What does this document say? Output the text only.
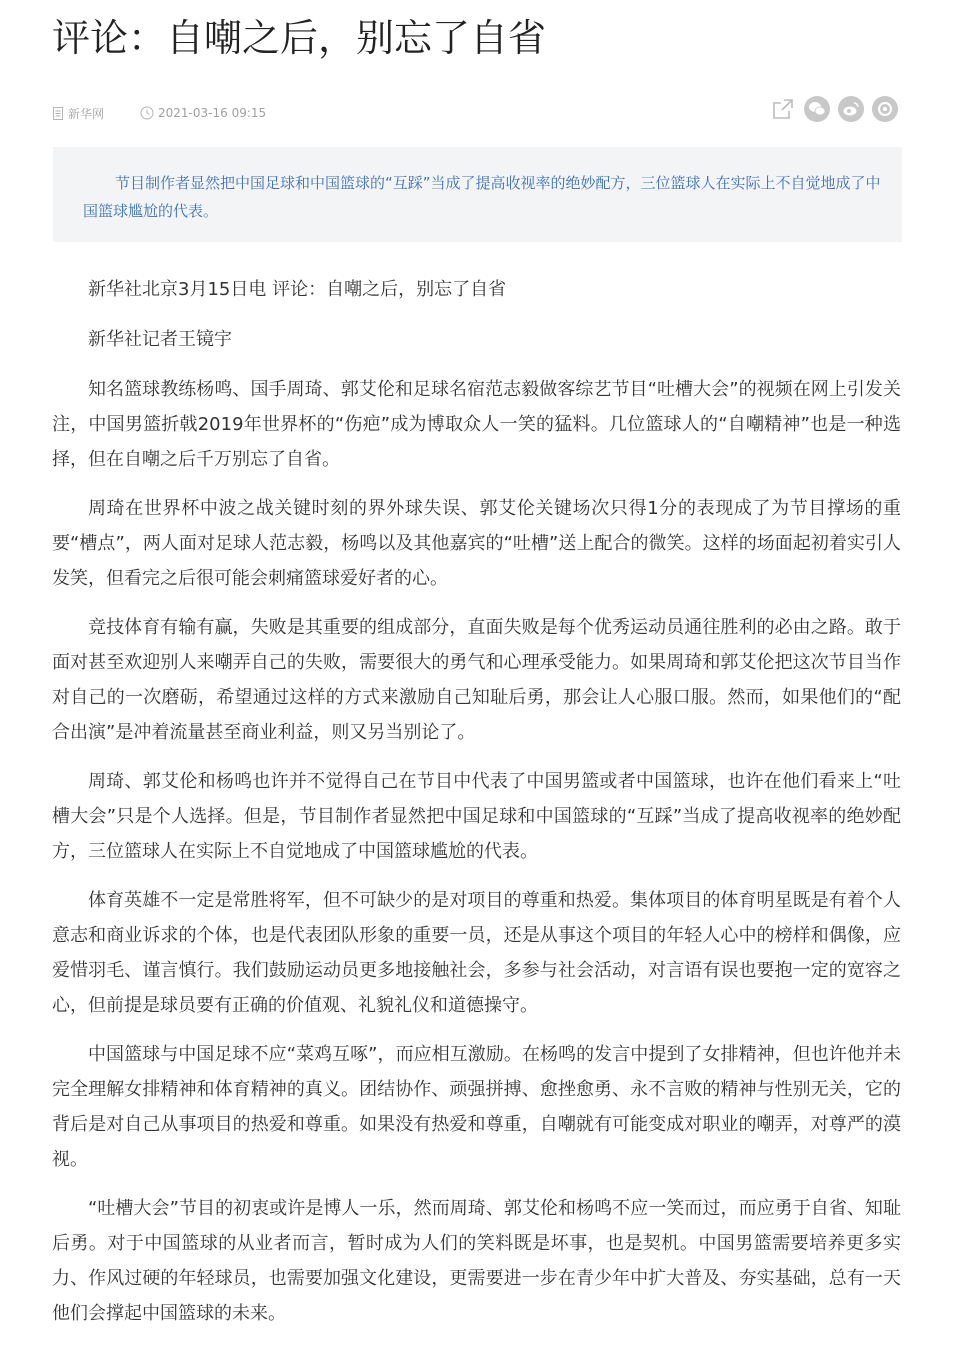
评论：自嘲之后，别忘了自省
新华网	2021-03-16 09:15
节目制作者显然把中国足球和中国篮球的“互踩”当成了提高收视率的绝妙配方，三位篮球人在实际上不自觉地成了中国篮球尴尬的代表。

新华社北京3月15日电 评论：自嘲之后，别忘了自省

新华社记者王镜宇

知名篮球教练杨鸣、国手周琦、郭艾伦和足球名宿范志毅做客综艺节目“吐槽大会”的视频在网上引发关注，中国男篮折戟2019年世界杯的“伤疤”成为博取众人一笑的猛料。几位篮球人的“自嘲精神”也是一种选择，但在自嘲之后千万别忘了自省。

周琦在世界杯中波之战关键时刻的界外球失误、郭艾伦关键场次只得1分的表现成了为节目撑场的重要“槽点”，两人面对足球人范志毅，杨鸣以及其他嘉宾的“吐槽”送上配合的微笑。这样的场面起初着实引人发笑，但看完之后很可能会刺痛篮球爱好者的心。

竞技体育有输有赢，失败是其重要的组成部分，直面失败是每个优秀运动员通往胜利的必由之路。敢于面对甚至欢迎别人来嘲弄自己的失败，需要很大的勇气和心理承受能力。如果周琦和郭艾伦把这次节目当作对自己的一次磨砺，希望通过这样的方式来激励自己知耻后勇，那会让人心服口服。然而，如果他们的“配合出演”是冲着流量甚至商业利益，则又另当别论了。

周琦、郭艾伦和杨鸣也许并不觉得自己在节目中代表了中国男篮或者中国篮球，也许在他们看来上“吐槽大会”只是个人选择。但是，节目制作者显然把中国足球和中国篮球的“互踩”当成了提高收视率的绝妙配方，三位篮球人在实际上不自觉地成了中国篮球尴尬的代表。

体育英雄不一定是常胜将军，但不可缺少的是对项目的尊重和热爱。集体项目的体育明星既是有着个人意志和商业诉求的个体，也是代表团队形象的重要一员，还是从事这个项目的年轻人心中的榜样和偶像，应爱惜羽毛、谨言慎行。我们鼓励运动员更多地接触社会，多参与社会活动，对言语有误也要抱一定的宽容之心，但前提是球员要有正确的价值观、礼貌礼仪和道德操守。

中国篮球与中国足球不应“菜鸡互啄”，而应相互激励。在杨鸣的发言中提到了女排精神，但也许他并未完全理解女排精神和体育精神的真义。团结协作、顽强拼搏、愈挫愈勇、永不言败的精神与性别无关，它的背后是对自己从事项目的热爱和尊重。如果没有热爱和尊重，自嘲就有可能变成对职业的嘲弄，对尊严的漠视。

“吐槽大会”节目的初衷或许是博人一乐，然而周琦、郭艾伦和杨鸣不应一笑而过，而应勇于自省、知耻后勇。对于中国篮球的从业者而言，暂时成为人们的笑料既是坏事，也是契机。中国男篮需要培养更多实力、作风过硬的年轻球员，也需要加强文化建设，更需要进一步在青少年中扩大普及、夯实基础，总有一天他们会撑起中国篮球的未来。
